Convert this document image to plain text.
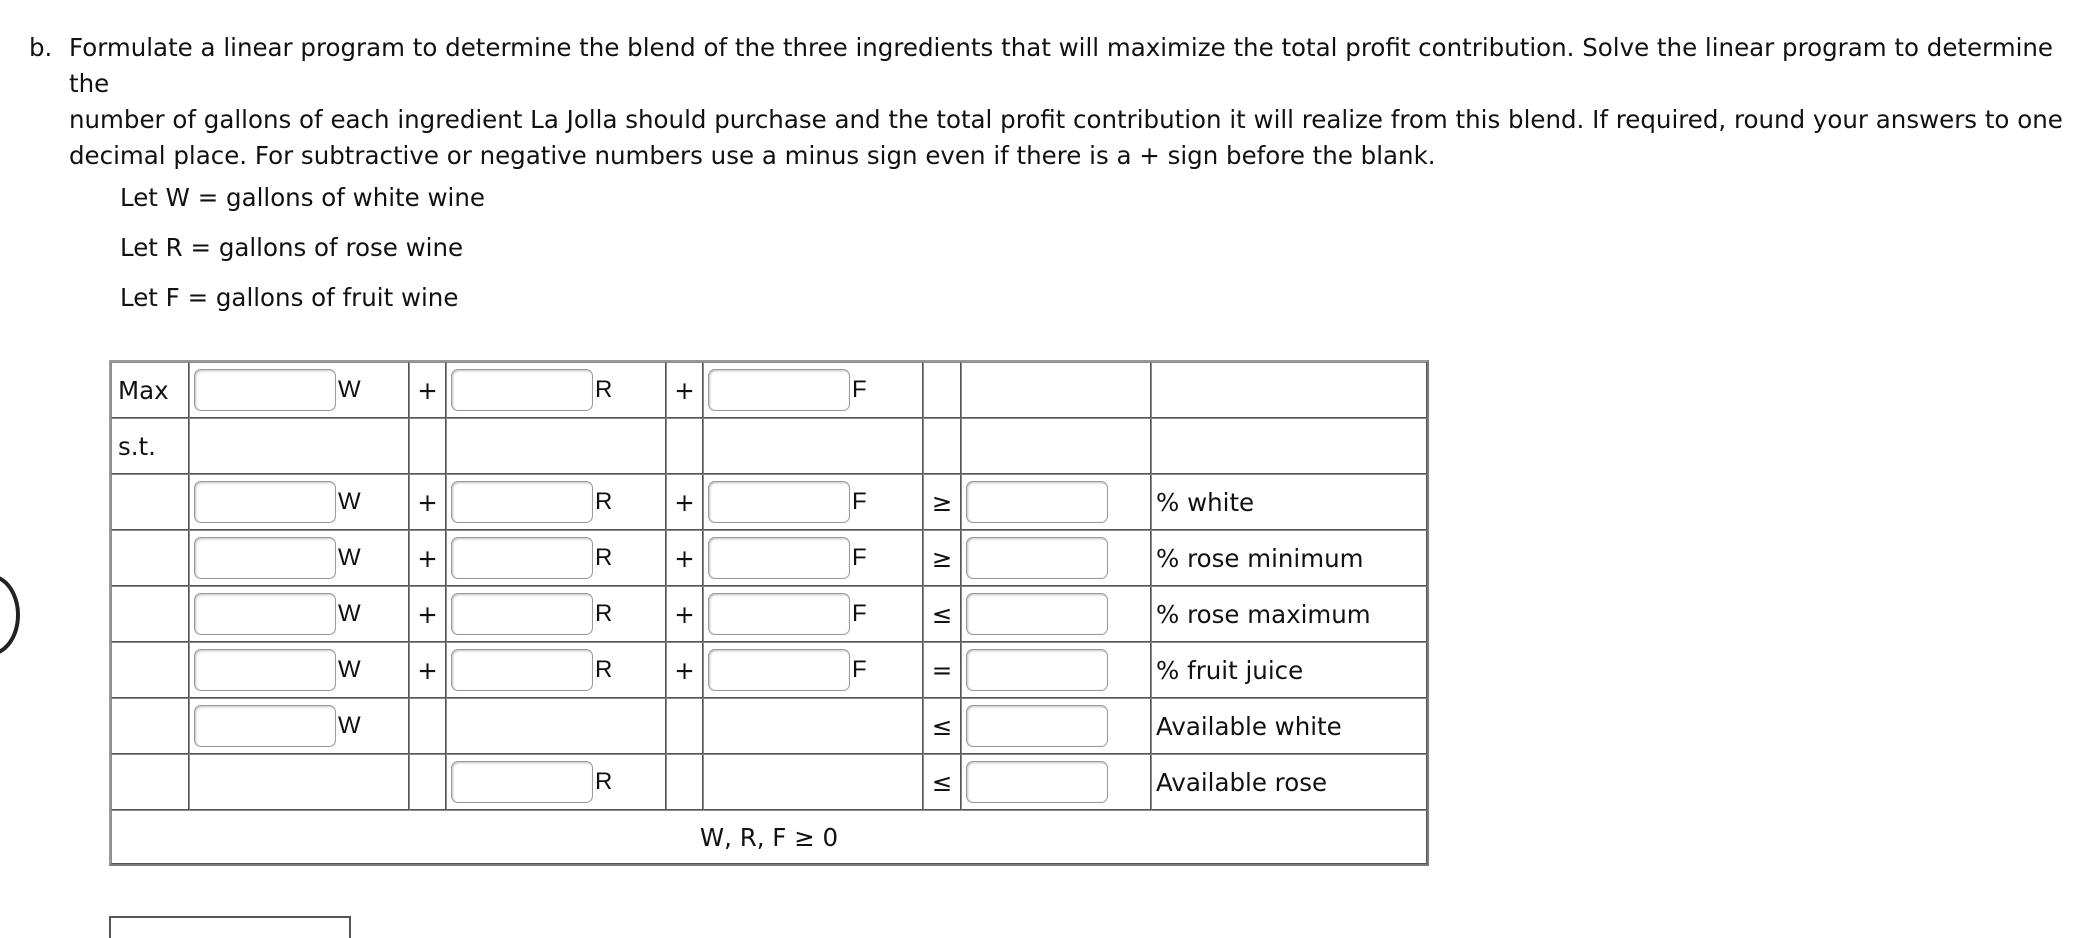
b. Formulate a linear program to determine the blend of the three ingredients that will maximize the total profit contribution. Solve the linear program to determine the
number of gallons of each ingredient La Jolla should purchase and the total profit contribution it will realize from this blend. If required, round your answers to one
decimal place. For subtractive or negative numbers use a minus sign even if there is a + sign before the blank.
Let W = gallons of white wine
Let R = gallons of rose wine
Let F = gallons of fruit wine
Max	W	+	R	+	F			

s.t.								

	W	+	R	+	F	≥		% white

	W	+	R	+	F	≥		% rose minimum

	W	+	R	+	F	≤		% rose maximum

	W	+	R	+	F	=		% fruit juice

	W					≤		Available white

			R			≤		Available rose
W, R, F ≥ 0								
